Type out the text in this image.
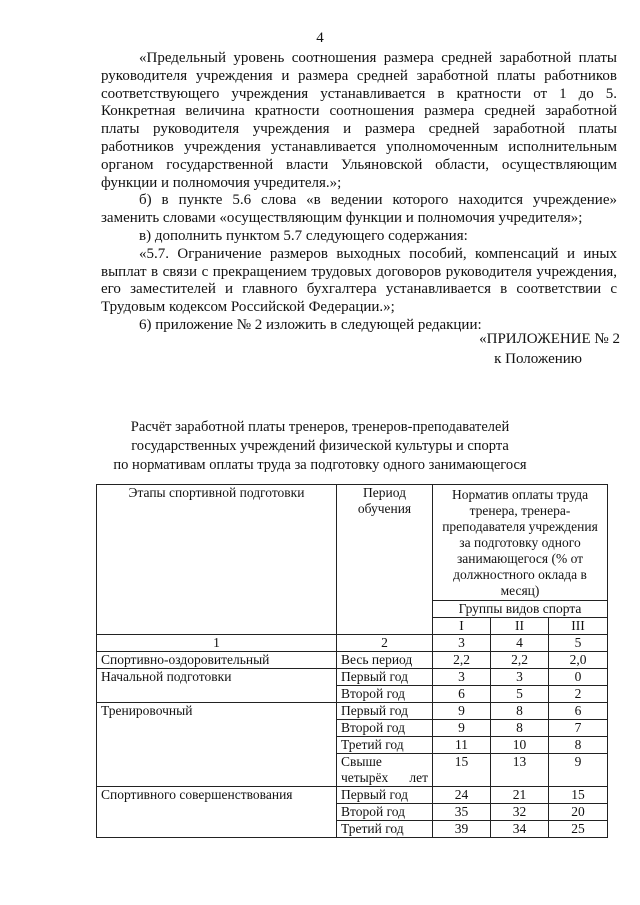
4

«Предельный уровень соотношения размера средней заработной платы руководителя учреждения и размера средней заработной платы работников соответствующего учреждения устанавливается в кратности от 1 до 5. Конкретная величина кратности соотношения размера средней заработной платы руководителя учреждения и размера средней заработной платы работников учреждения устанавливается уполномоченным исполнительным органом государственной власти Ульяновской области, осуществляющим функции и полномочия учредителя.»;

б) в пункте 5.6 слова «в ведении которого находится учреждение» заменить словами «осуществляющим функции и полномочия учредителя»;

в) дополнить пунктом 5.7 следующего содержания:

«5.7. Ограничение размеров выходных пособий, компенсаций и иных выплат в связи с прекращением трудовых договоров руководителя учреждения, его заместителей и главного бухгалтера устанавливается в соответствии с Трудовым кодексом Российской Федерации.»;

6) приложение № 2 изложить в следующей редакции:

«ПРИЛОЖЕНИЕ № 2
к Положению
Расчёт заработной платы тренеров, тренеров-преподавателей
государственных учреждений физической культуры и спорта
по нормативам оплаты труда за подготовку одного занимающегося
Этапы спортивной подготовки	Период обучения	Норматив оплаты труда тренера, тренера-преподавателя учреждения за подготовку одного занимающегося (% от должностного оклада в месяц)		
		Группы видов спорта		
		I	II	III
1	2	3	4	5
Спортивно-оздоровительный	Весь период	2,2	2,2	2,0
Начальной подготовки	Первый год	3	3	0
	Второй год	6	5	2
Тренировочный	Первый год	9	8	6
	Второй год	9	8	7
	Третий год	11	10	8
	Свыше четырёх лет	15	13	9
Спортивного совершенствования	Первый год	24	21	15
	Второй год	35	32	20
	Третий год	39	34	25
